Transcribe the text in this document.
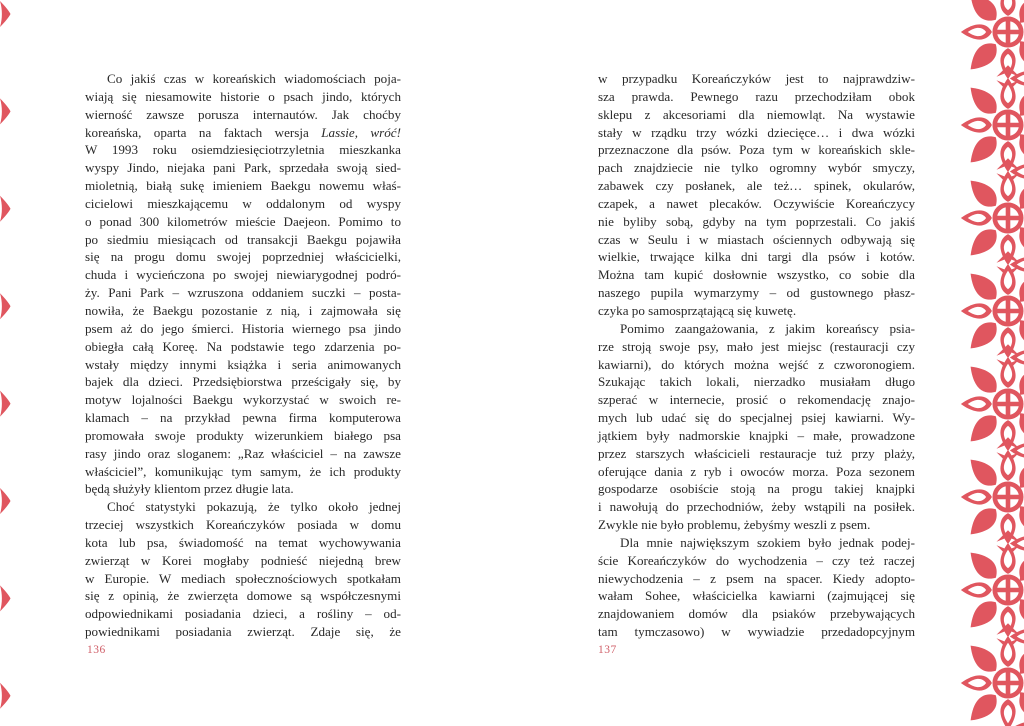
Co jakiś czas w koreańskich wiadomościach poja-
wiają się niesamowite historie o psach jindo, których
wierność zawsze porusza internautów. Jak choćby
koreańska, oparta na faktach wersja Lassie, wróć!
W 1993 roku osiemdziesięciotrzyletnia mieszkanka
wyspy Jindo, niejaka pani Park, sprzedała swoją sied-
mioletnią, białą sukę imieniem Baekgu nowemu właś-
cicielowi mieszkającemu w oddalonym od wyspy
o ponad 300 kilometrów mieście Daejeon. Pomimo to
po siedmiu miesiącach od transakcji Baekgu pojawiła
się na progu domu swojej poprzedniej właścicielki,
chuda i wycieńczona po swojej niewiarygodnej podró-
ży. Pani Park – wzruszona oddaniem suczki – posta-
nowiła, że Baekgu pozostanie z nią, i zajmowała się
psem aż do jego śmierci. Historia wiernego psa jindo
obiegła całą Koreę. Na podstawie tego zdarzenia po-
wstały między innymi książka i seria animowanych
bajek dla dzieci. Przedsiębiorstwa prześcigały się, by
motyw lojalności Baekgu wykorzystać w swoich re-
klamach – na przykład pewna firma komputerowa
promowała swoje produkty wizerunkiem białego psa
rasy jindo oraz sloganem: „Raz właściciel – na zawsze
właściciel”, komunikując tym samym, że ich produkty
będą służyły klientom przez długie lata.
Choć statystyki pokazują, że tylko około jednej
trzeciej wszystkich Koreańczyków posiada w domu
kota lub psa, świadomość na temat wychowywania
zwierząt w Korei mogłaby podnieść niejedną brew
w Europie. W mediach społecznościowych spotkałam
się z opinią, że zwierzęta domowe są współczesnymi
odpowiednikami posiadania dzieci, a rośliny – od-
powiednikami posiadania zwierząt. Zdaje się, że
w przypadku Koreańczyków jest to najprawdziw-
sza prawda. Pewnego razu przechodziłam obok
sklepu z akcesoriami dla niemowląt. Na wystawie
stały w rządku trzy wózki dziecięce… i dwa wózki
przeznaczone dla psów. Poza tym w koreańskich skle-
pach znajdziecie nie tylko ogromny wybór smyczy,
zabawek czy posłanek, ale też… spinek, okularów,
czapek, a nawet plecaków. Oczywiście Koreańczycy
nie byliby sobą, gdyby na tym poprzestali. Co jakiś
czas w Seulu i w miastach ościennych odbywają się
wielkie, trwające kilka dni targi dla psów i kotów.
Można tam kupić dosłownie wszystko, co sobie dla
naszego pupila wymarzymy – od gustownego płasz-
czyka po samosprzątającą się kuwetę.
Pomimo zaangażowania, z jakim koreańscy psia-
rze stroją swoje psy, mało jest miejsc (restauracji czy
kawiarni), do których można wejść z czworonogiem.
Szukając takich lokali, nierzadko musiałam długo
szperać w internecie, prosić o rekomendację znajo-
mych lub udać się do specjalnej psiej kawiarni. Wy-
jątkiem były nadmorskie knajpki – małe, prowadzone
przez starszych właścicieli restauracje tuż przy plaży,
oferujące dania z ryb i owoców morza. Poza sezonem
gospodarze osobiście stoją na progu takiej knajpki
i nawołują do przechodniów, żeby wstąpili na posiłek.
Zwykle nie było problemu, żebyśmy weszli z psem.
Dla mnie największym szokiem było jednak podej-
ście Koreańczyków do wychodzenia – czy też raczej
niewychodzenia – z psem na spacer. Kiedy adopto-
wałam Sohee, właścicielka kawiarni (zajmującej się
znajdowaniem domów dla psiaków przebywających
tam tymczasowo) w wywiadzie przedadopcyjnym
136	137
